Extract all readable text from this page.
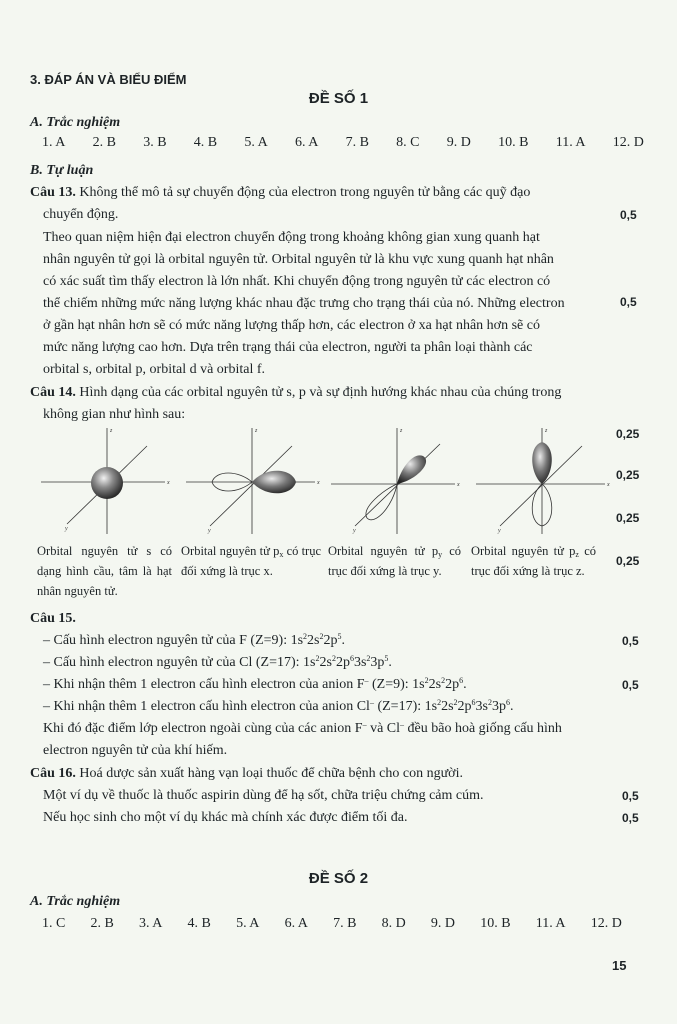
3. ĐÁP ÁN VÀ BIỂU ĐIỂM
ĐỀ SỐ 1
A. Trắc nghiệm
1. A 2. B 3. B 4. B 5. A 6. A 7. B 8. C 9. D 10. B 11. A 12. D
B. Tự luận
Câu 13. Không thể mô tả sự chuyển động của electron trong nguyên tử bằng các quỹ đạo
chuyển động.
Theo quan niệm hiện đại electron chuyển động trong khoảng không gian xung quanh hạt
nhân nguyên tử gọi là orbital nguyên tử. Orbital nguyên tử là khu vực xung quanh hạt nhân
có xác suất tìm thấy electron là lớn nhất. Khi chuyển động trong nguyên tử các electron có
thể chiếm những mức năng lượng khác nhau đặc trưng cho trạng thái của nó. Những electron
ở gần hạt nhân hơn sẽ có mức năng lượng thấp hơn, các electron ở xa hạt nhân hơn sẽ có
mức năng lượng cao hơn. Dựa trên trạng thái của electron, người ta phân loại thành các
orbital s, orbital p, orbital d và orbital f.
0,5
0,5
Câu 14. Hình dạng của các orbital nguyên tử s, p và sự định hướng khác nhau của chúng trong
không gian như hình sau:
z
x
y
z
x
y
z
x
y
z
x
y
Orbital nguyên tử s có dạng hình cầu, tâm là hạt nhân nguyên tử.
Orbital nguyên tử $p_x$ có trục đối xứng là trục x.
Orbital nguyên tử $p_y$ có trục đối xứng là trục y.
Orbital nguyên tử $p_z$ có trục đối xứng là trục z.
0,25
0,25
0,25
0,25
Câu 15.
– Cấu hình electron nguyên tử của F (Z=9): $1s^22s^22p^5$.
– Cấu hình electron nguyên tử của Cl (Z=17): $1s^22s^22p^63s^23p^5$.
– Khi nhận thêm 1 electron cấu hình electron của anion F– (Z=9): $1s^22s^22p^6$.
– Khi nhận thêm 1 electron cấu hình electron của anion Cl– (Z=17): $1s^22s^22p^63s^23p^6$.
Khi đó đặc điểm lớp electron ngoài cùng của các anion F– và Cl– đều bão hoà giống cấu hình
electron nguyên tử của khí hiếm.
0,5
0,5
Câu 16. Hoá dược sản xuất hàng vạn loại thuốc để chữa bệnh cho con người.
Một ví dụ về thuốc là thuốc aspirin dùng để hạ sốt, chữa triệu chứng cảm cúm.
Nếu học sinh cho một ví dụ khác mà chính xác được điểm tối đa.
0,5
0,5
ĐỀ SỐ 2
A. Trắc nghiệm
1. C 2. B 3. A 4. B 5. A 6. A 7. B 8. D 9. D 10. B 11. A 12. D
15
